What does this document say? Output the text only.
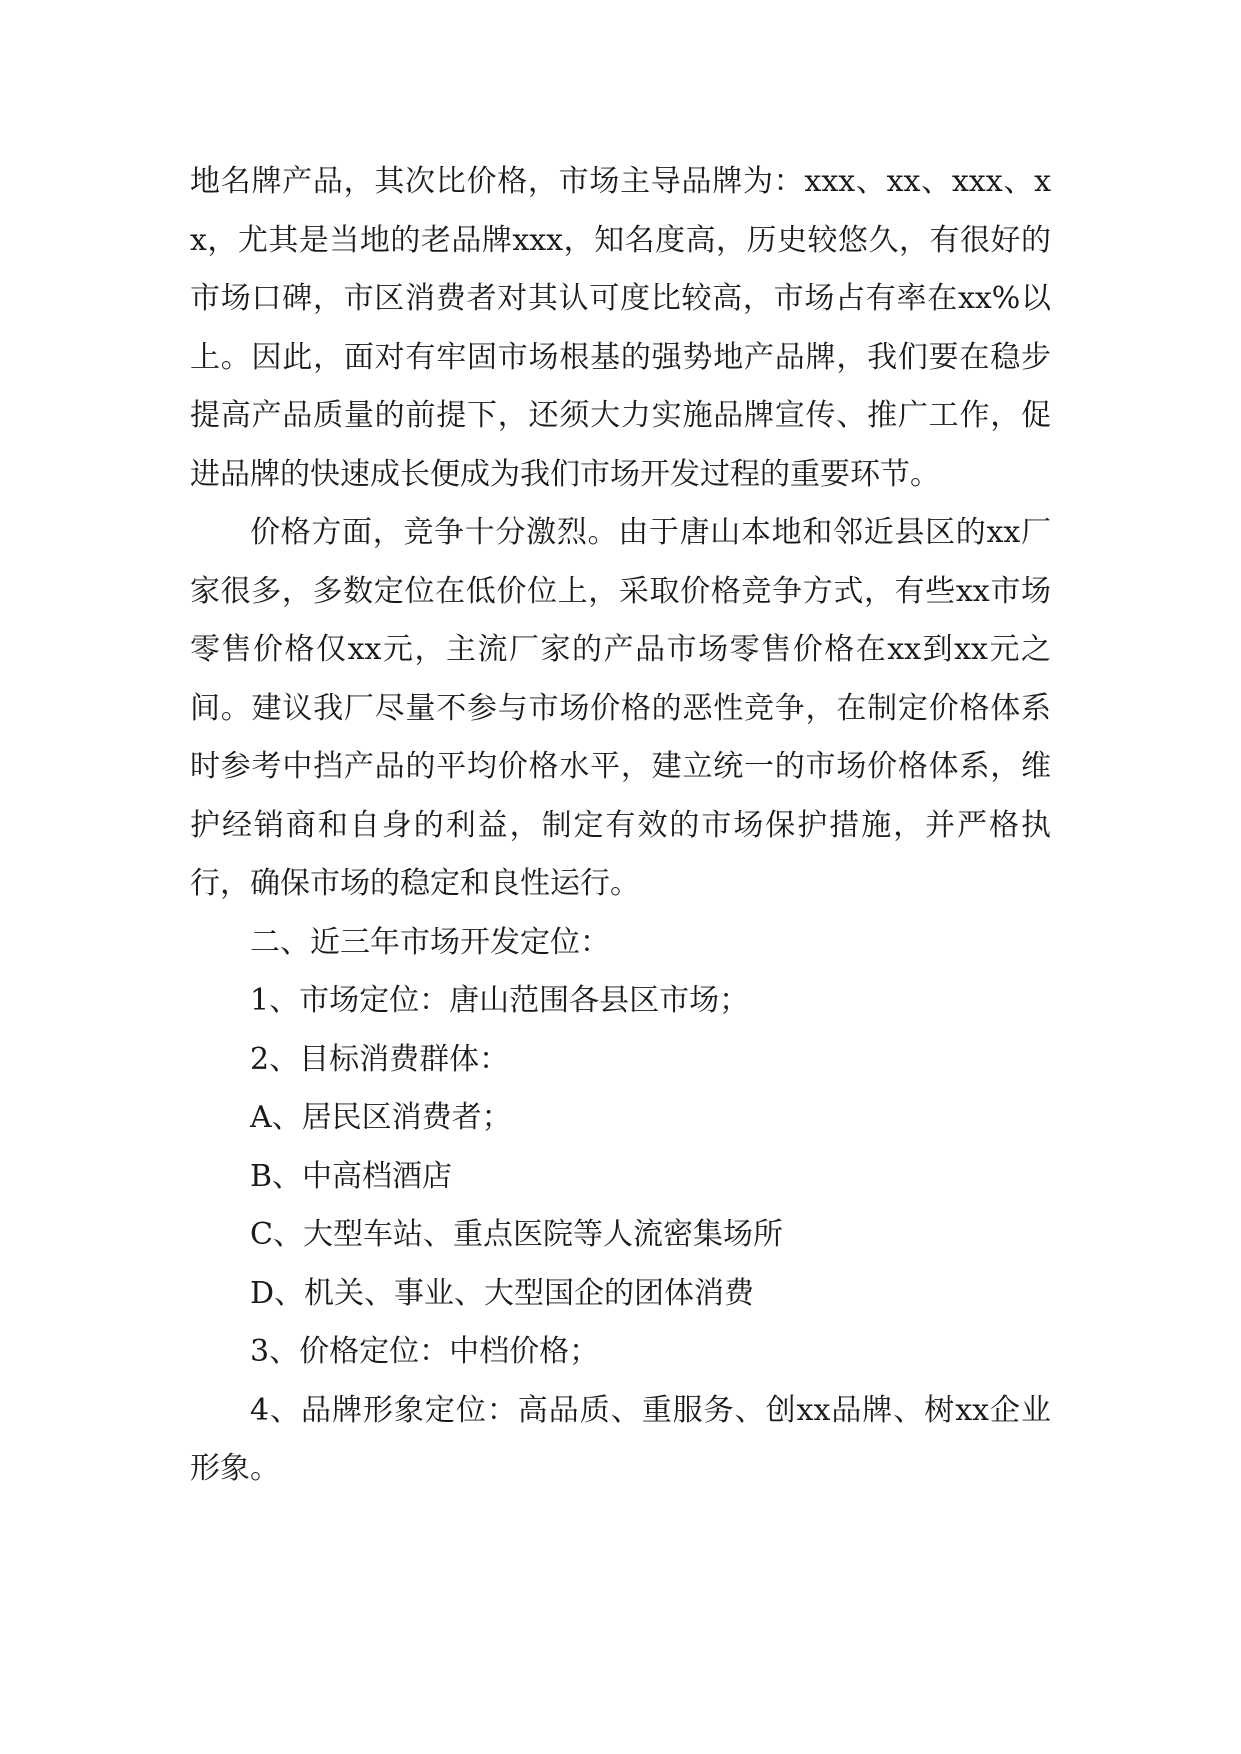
地名牌产品，其次比价格，市场主导品牌为：xxx、xx、xxx、xx，尤其是当地的老品牌xxx，知名度高，历史较悠久，有很好的市场口碑，市区消费者对其认可度比较高，市场占有率在xx%以上。因此，面对有牢固市场根基的强势地产品牌，我们要在稳步提高产品质量的前提下，还须大力实施品牌宣传、推广工作，促进品牌的快速成长便成为我们市场开发过程的重要环节。

价格方面，竞争十分激烈。由于唐山本地和邻近县区的xx厂家很多，多数定位在低价位上，采取价格竞争方式，有些xx市场零售价格仅xx元，主流厂家的产品市场零售价格在xx到xx元之间。建议我厂尽量不参与市场价格的恶性竞争，在制定价格体系时参考中挡产品的平均价格水平，建立统一的市场价格体系，维护经销商和自身的利益，制定有效的市场保护措施，并严格执行，确保市场的稳定和良性运行。

二、近三年市场开发定位：

1、市场定位：唐山范围各县区市场；

2、目标消费群体：

A、居民区消费者；

B、中高档酒店

C、大型车站、重点医院等人流密集场所

D、机关、事业、大型国企的团体消费

3、价格定位：中档价格；

4、品牌形象定位：高品质、重服务、创xx品牌、树xx企业形象。
